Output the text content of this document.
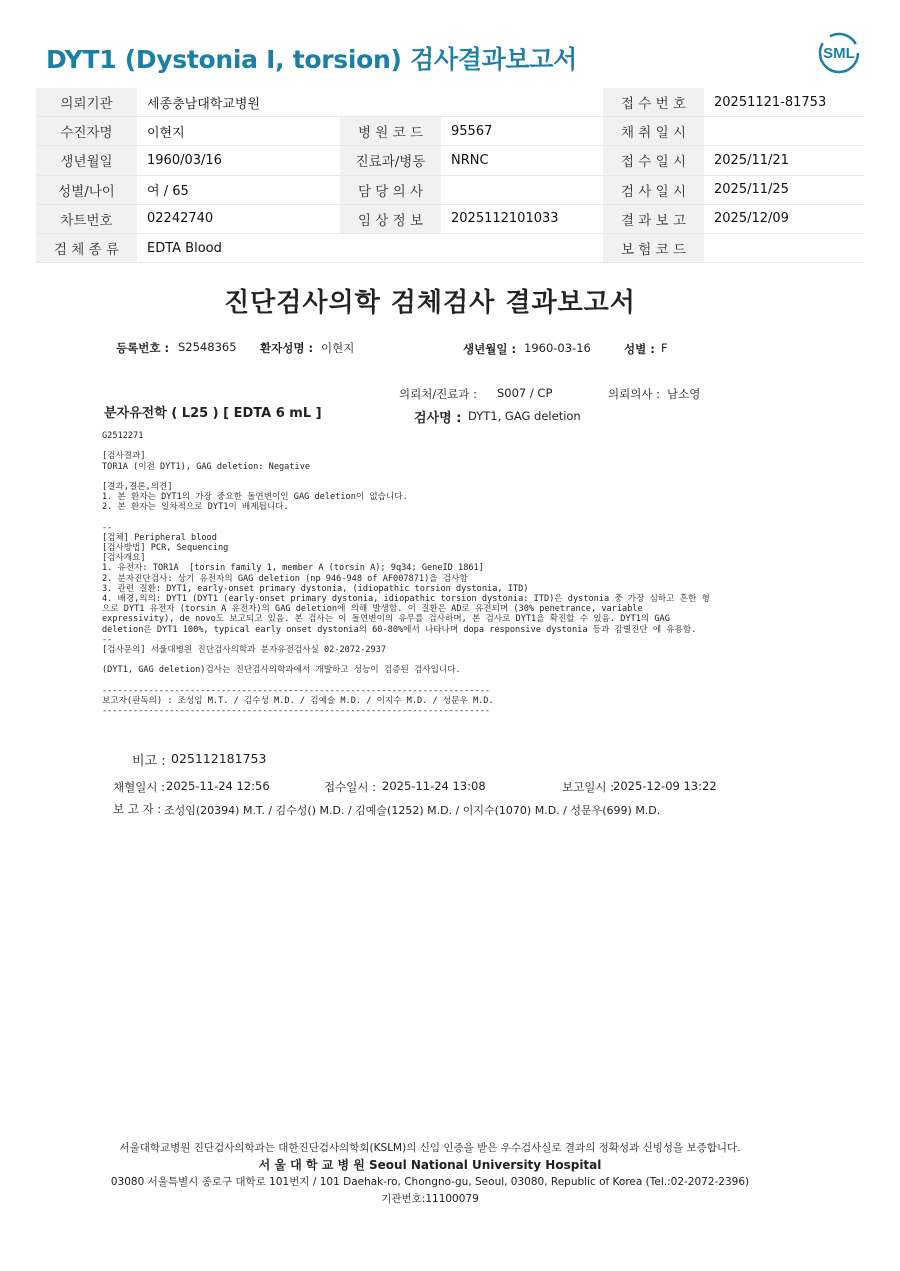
DYT1 (Dystonia I, torsion) 검사결과보고서	SML
의뢰기관	세종충남대학교병원			접 수 번 호	20251121-81753
수진자명	이현지	병 원 코 드	95567	채 취 일 시	
생년월일	1960/03/16	진료과/병동	NRNC	접 수 일 시	2025/11/21
성별/나이	여 / 65	담 당 의 사		검 사 일 시	2025/11/25
차트번호	02242740	임 상 정 보	2025112101033	결 과 보 고	2025/12/09
검 체 종 류	EDTA Blood			보 험 코 드	
진단검사의학 검체검사 결과보고서
등록번호 : S2548365 환자성명 : 이현지	생년월일 : 1960-03-16	성별 : F
의뢰처/진료과 : S007 / CP	의뢰의사 : 남소영
분자유전학 ( L25 ) [ EDTA 6 mL ]	검사명 : DYT1, GAG deletion
G2512271
[검사결과]
TOR1A (이전 DYT1), GAG deletion: Negative
[결과,결론,의견]
1. 본 환자는 DYT1의 가장 중요한 돌연변이인 GAG deletion이 없습니다.
2. 본 환자는 일차적으로 DYT1이 배제됩니다.
--
[검체] Peripheral blood
[검사방법] PCR, Sequencing
[검사개요]
1. 유전자: TOR1A  [torsin family 1, member A (torsin A); 9q34; GeneID 1861]
2. 분자진단검사: 상기 유전자의 GAG deletion (np 946-948 of AF007871)을 검사함
3. 관련 질환: DYT1, early-onset primary dystonia, (idiopathic torsion dystonia, ITD)
4. 배경,의의: DYT1 (DYT1 (early-onset primary dystonia, idiopathic torsion dystonia: ITD)은 dystonia 중 가장 심하고 흔한 형
으로 DYT1 유전자 (torsin A 유전자)의 GAG deletion에 의해 발생함. 이 질환은 AD로 유전되며 (30% penetrance, variable
expressivity), de novo도 보고되고 있음. 본 검사는 이 돌연변이의 유무를 검사하며, 본 검사로 DYT1을 확진할 수 있음. DYT1의 GAG
deletion은 DYT1 100%, typical early onset dystonia의 60-80%에서 나타나며 dopa responsive dystonia 등과 감별진단 에 유용함.
--
[검사문의] 서울대병원 진단검사의학과 분자유전검사실 02-2072-2937
(DYT1, GAG deletion)검사는 진단검사의학과에서 개발하고 성능이 검증된 검사입니다.
---------------------------------------------------------------------------
보고자(판독의) : 조성임 M.T. / 김수성 M.D. / 김예슬 M.D. / 이지수 M.D. / 성문우 M.D.
---------------------------------------------------------------------------
비고 : 025112181753
채혈일시 : 2025-11-24 12:56	접수일시 : 2025-11-24 13:08	보고일시 : 2025-12-09 13:22
보 고 자 : 조성임(20394) M.T. / 김수성() M.D. / 김예슬(1252) M.D. / 이지수(1070) M.D. / 성문우(699) M.D.
서울대학교병원 진단검사의학과는 대한진단검사의학회(KSLM)의 신임 인증을 받은 우수검사실로 결과의 정확성과 신빙성을 보증합니다.
서 울 대 학 교 병 원 Seoul National University Hospital
03080 서울특별시 종로구 대학로 101번지 / 101 Daehak-ro, Chongno-gu, Seoul, 03080, Republic of Korea (Tel.:02-2072-2396)
기관번호:11100079
